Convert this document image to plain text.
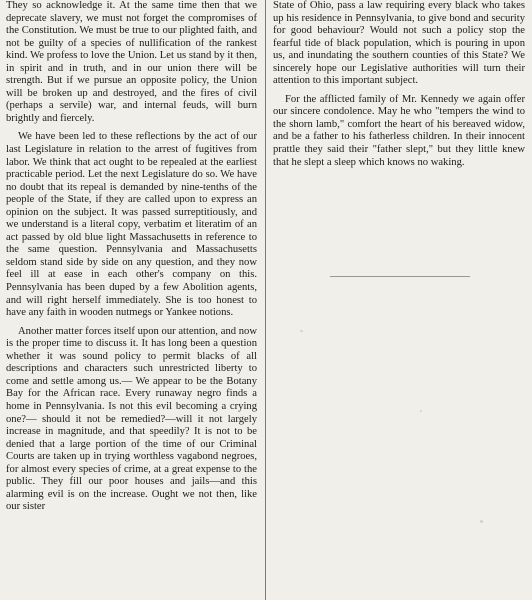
They so acknowledge it. At the same time then that we deprecate slavery, we must not forget the compromises of the Constitution. We must be true to our plighted faith, and not be guilty of a species of nullification of the rankest kind. We profess to love the Union. Let us stand by it then, in spirit and in truth, and in our union there will be strength. But if we pursue an opposite policy, the Union will be broken up and destroyed, and the fires of civil (perhaps a servile) war, and internal feuds, will burn brightly and fiercely.

We have been led to these reflections by the act of our last Legislature in relation to the arrest of fugitives from labor. We think that act ought to be repealed at the earliest practicable period. Let the next Legislature do so. We have no doubt that its repeal is demanded by nine-tenths of the people of the State, if they are called upon to express an opinion on the subject. It was passed surreptitiously, and we understand is a literal copy, verbatim et literatim of an act passed by old blue light Massachusetts in reference to the same question. Pennsylvania and Massachusetts seldom stand side by side on any question, and they now feel ill at ease in each other's company on this. Pennsylvania has been duped by a few Abolition agents, and will right herself immediately. She is too honest to have any faith in wooden nutmegs or Yankee notions.

Another matter forces itself upon our attention, and now is the proper time to discuss it. It has long been a question whether it was sound policy to permit blacks of all descriptions and characters such unrestricted liberty to come and settle among us.— We appear to be the Botany Bay for the African race. Every runaway negro finds a home in Pennsylvania. Is not this evil becoming a crying one?— should it not be remedied?—will it not largely increase in magnitude, and that speedily? It is not to be denied that a large portion of the time of our Criminal Courts are taken up in trying worthless vagabond negroes, for almost every species of crime, at a great expense to the public. They fill our poor houses and jails—and this alarming evil is on the increase. Ought we not then, like our sister

State of Ohio, pass a law requiring every black who takes up his residence in Pennsylvania, to give bond and security for good behaviour? Would not such a policy stop the fearful tide of black population, which is pouring in upon us, and inundating the southern counties of this State? We sincerely hope our Legislative authorities will turn their attention to this important subject.

For the afflicted family of Mr. Kennedy we again offer our sincere condolence. May he who "tempers the wind to the shorn lamb," comfort the heart of his bereaved widow, and be a father to his fatherless children. In their innocent prattle they said their "father slept," but they little knew that he slept a sleep which knows no waking.
